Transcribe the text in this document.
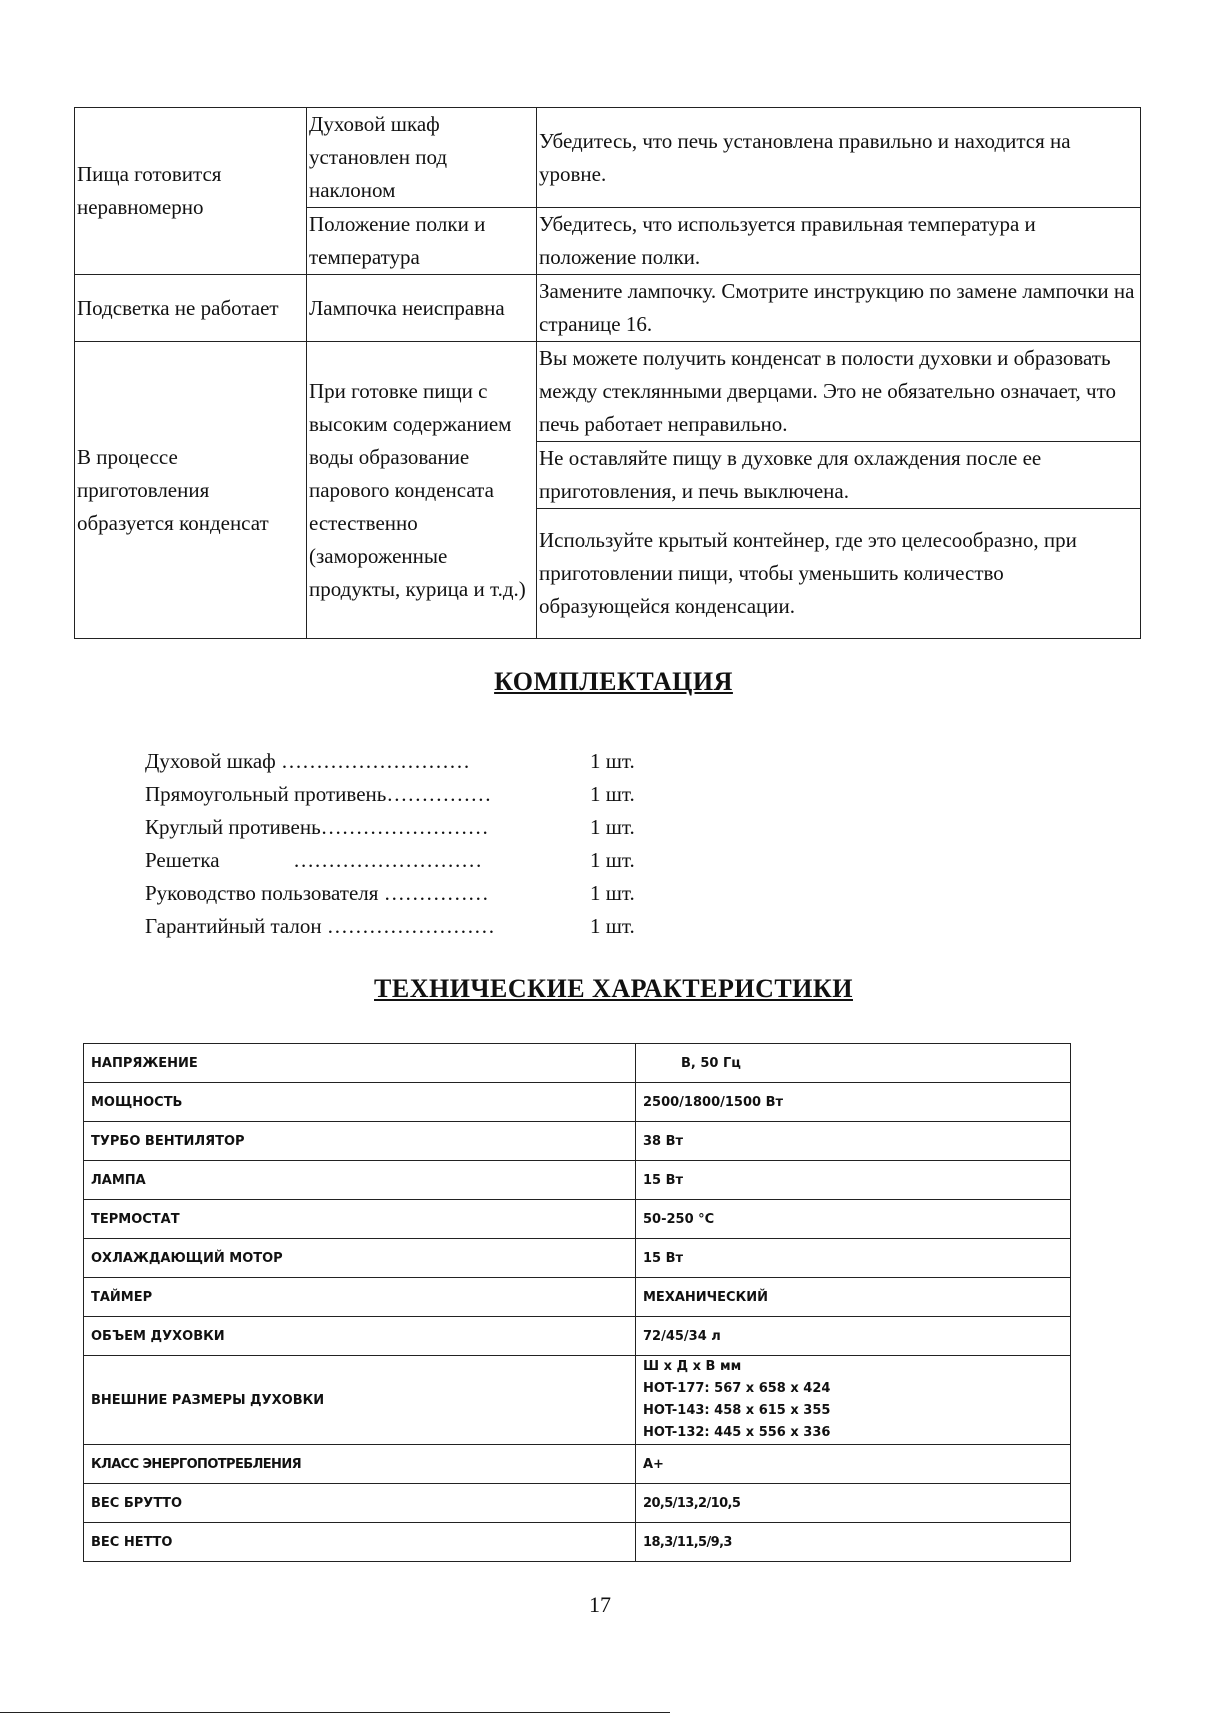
Пища готовится неравномерно	Духовой шкаф установлен под наклоном	Убедитесь, что печь установлена правильно и находится на уровне.
	Положение полки и температура	Убедитесь, что используется правильная температура и положение полки.
Подсветка не работает	Лампочка неисправна	Замените лампочку. Смотрите инструкцию по замене лампочки на странице 16.
В процессе приготовления образуется конденсат	При готовке пищи с высоким содержанием воды образование парового конденсата естественно (замороженные продукты, курица и т.д.)	Вы можете получить конденсат в полости духовки и образовать между стеклянными дверцами. Это не обязательно означает, что печь работает неправильно.
		Не оставляйте пищу в духовке для охлаждения после ее приготовления, и печь выключена.
		Используйте крытый контейнер, где это целесообразно, при приготовлении пищи, чтобы уменьшить количество образующейся конденсации.
КОМПЛЕКТАЦИЯ
Духовой шкаф ………………………	1 шт.
Прямоугольный противень……………	1 шт.
Круглый противень……………………	1 шт.
Решетка              ………………………	1 шт.
Руководство пользователя ……………	1 шт.
Гарантийный талон ……………………	1 шт.
ТЕХНИЧЕСКИЕ ХАРАКТЕРИСТИКИ
НАПРЯЖЕНИЕ	В, 50 Гц
МОЩНОСТЬ	2500/1800/1500 Вт
ТУРБО ВЕНТИЛЯТОР	38 Вт
ЛАМПА	15 Вт
ТЕРМОСТАТ	50-250 °C
ОХЛАЖДАЮЩИЙ МОТОР	15 Вт
ТАЙМЕР	МЕХАНИЧЕСКИЙ
ОБЪЕМ ДУХОВКИ	72/45/34 л
ВНЕШНИЕ РАЗМЕРЫ ДУХОВКИ	Ш х Д х В мм
HOT-177: 567 x 658 x 424
HOT-143: 458 x 615 x 355
HOT-132: 445 x 556 x 336

КЛАСС ЭНЕРГОПОТРЕБЛЕНИЯ	А+
ВЕС БРУТТО	20,5/13,2/10,5
ВЕС НЕТТО	18,3/11,5/9,3
17
